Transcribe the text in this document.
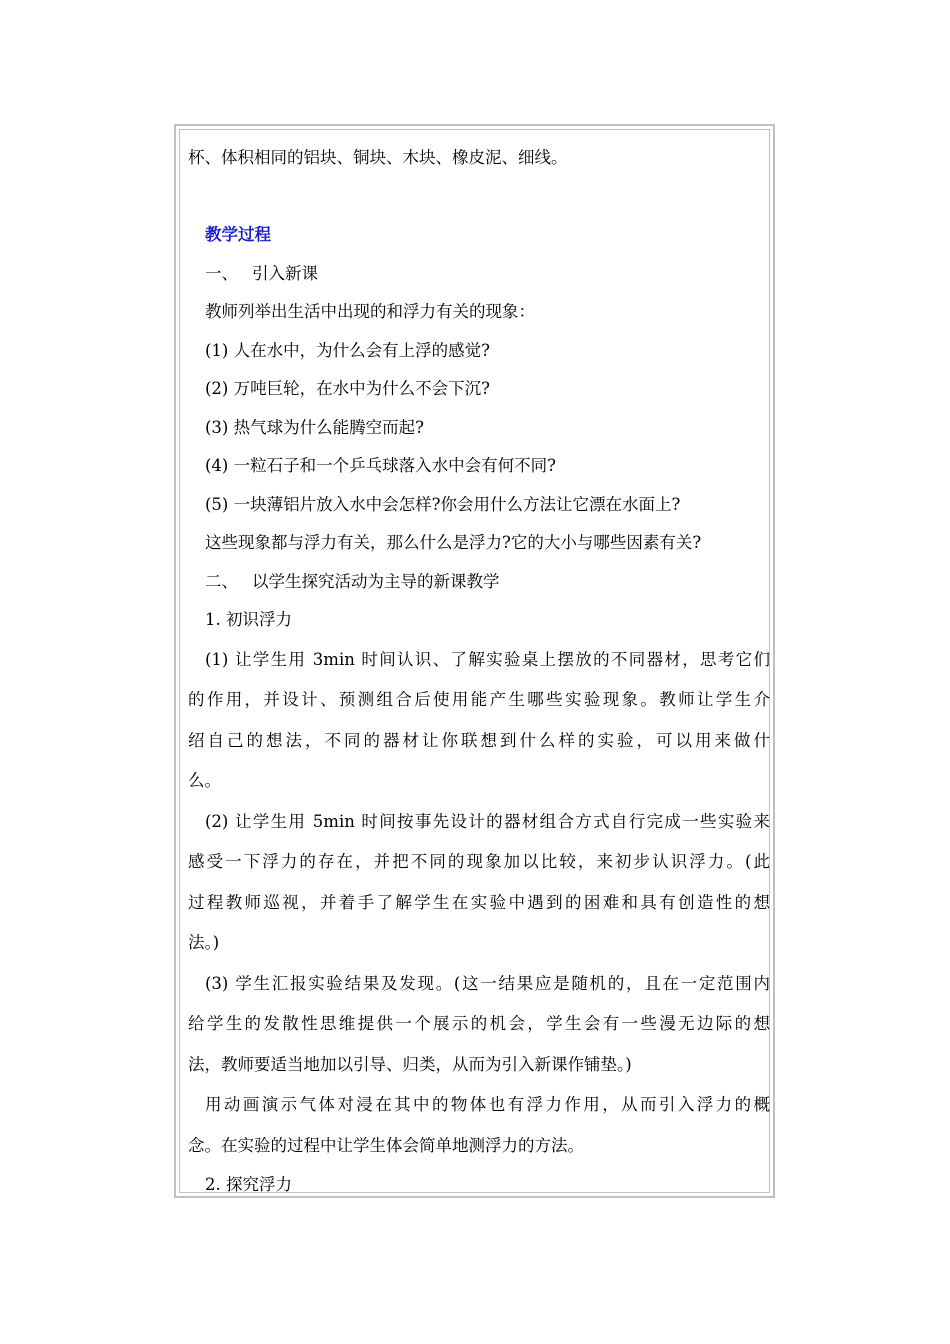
杯、体积相同的铝块、铜块、木块、橡皮泥、细线。
教学过程
一、 引入新课
教师列举出生活中出现的和浮力有关的现象：
(1) 人在水中，为什么会有上浮的感觉?
(2) 万吨巨轮，在水中为什么不会下沉?
(3) 热气球为什么能腾空而起?
(4) 一粒石子和一个乒乓球落入水中会有何不同?
(5) 一块薄铝片放入水中会怎样?你会用什么方法让它漂在水面上?
这些现象都与浮力有关，那么什么是浮力?它的大小与哪些因素有关?
二、 以学生探究活动为主导的新课教学
1. 初识浮力
(1) 让学生用 3min 时间认识、了解实验桌上摆放的不同器材，思考它们
的作用，并设计、预测组合后使用能产生哪些实验现象。教师让学生介
绍自己的想法，不同的器材让你联想到什么样的实验，可以用来做什
么。
(2) 让学生用 5min 时间按事先设计的器材组合方式自行完成一些实验来
感受一下浮力的存在，并把不同的现象加以比较，来初步认识浮力。(此
过程教师巡视，并着手了解学生在实验中遇到的困难和具有创造性的想
法。)
(3) 学生汇报实验结果及发现。(这一结果应是随机的，且在一定范围内
给学生的发散性思维提供一个展示的机会，学生会有一些漫无边际的想
法，教师要适当地加以引导、归类，从而为引入新课作铺垫。)
用动画演示气体对浸在其中的物体也有浮力作用，从而引入浮力的概
念。在实验的过程中让学生体会简单地测浮力的方法。
2. 探究浮力
